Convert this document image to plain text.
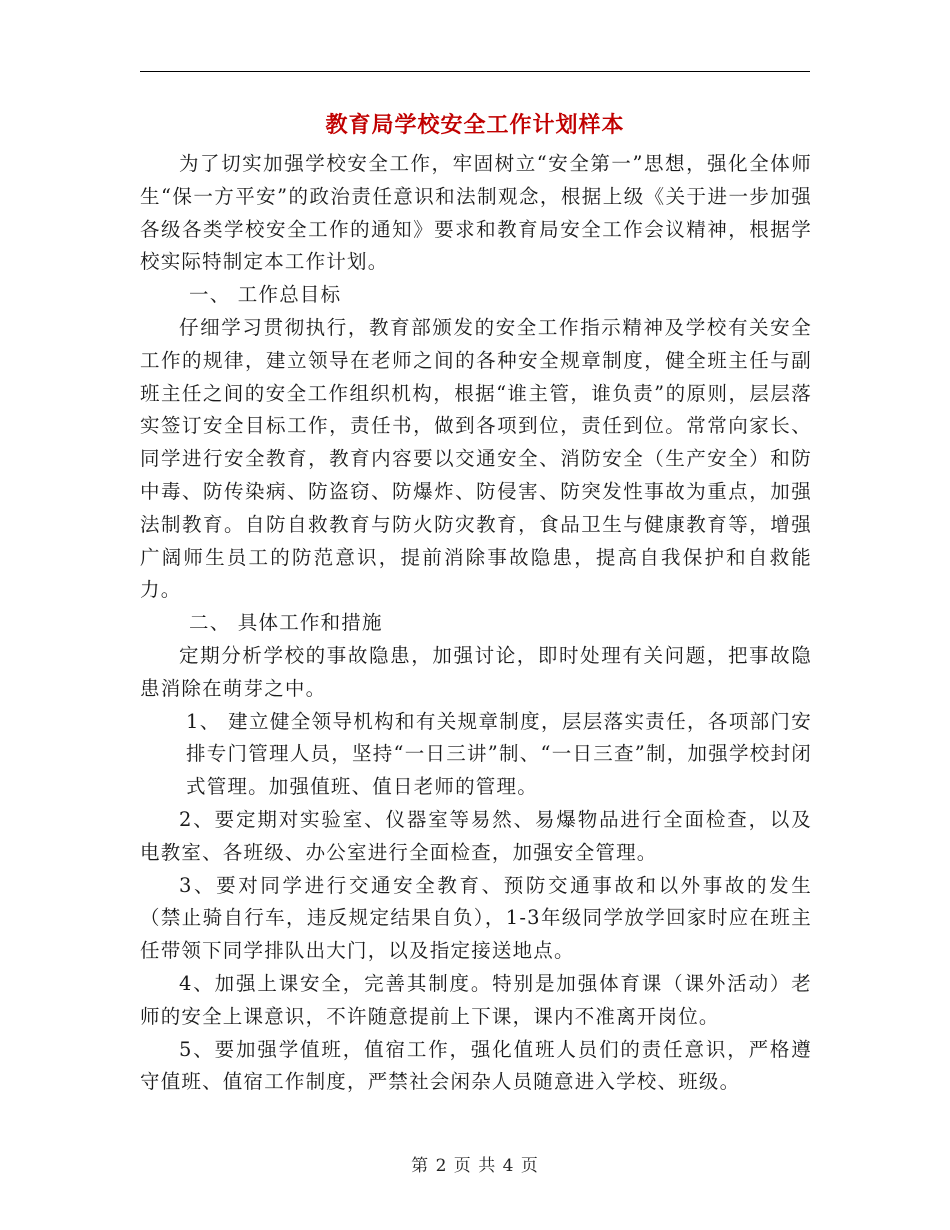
教育局学校安全工作计划样本

为了切实加强学校安全工作，牢固树立“安全第一”思想，强化全体师生“保一方平安”的政治责任意识和法制观念，根据上级《关于进一步加强各级各类学校安全工作的通知》要求和教育局安全工作会议精神，根据学校实际特制定本工作计划。

一、 工作总目标

仔细学习贯彻执行，教育部颁发的安全工作指示精神及学校有关安全工作的规律，建立领导在老师之间的各种安全规章制度，健全班主任与副班主任之间的安全工作组织机构，根据“谁主管，谁负责”的原则，层层落实签订安全目标工作，责任书，做到各项到位，责任到位。常常向家长、同学进行安全教育，教育内容要以交通安全、消防安全（生产安全）和防中毒、防传染病、防盗窃、防爆炸、防侵害、防突发性事故为重点，加强法制教育。自防自救教育与防火防灾教育，食品卫生与健康教育等，增强广阔师生员工的防范意识，提前消除事故隐患，提高自我保护和自救能力。

二、 具体工作和措施

定期分析学校的事故隐患，加强讨论，即时处理有关问题，把事故隐患消除在萌芽之中。

1、 建立健全领导机构和有关规章制度，层层落实责任，各项部门安排专门管理人员，坚持“一日三讲”制、“一日三查”制，加强学校封闭式管理。加强值班、值日老师的管理。

2、要定期对实验室、仪器室等易然、易爆物品进行全面检查，以及电教室、各班级、办公室进行全面检查，加强安全管理。

3、要对同学进行交通安全教育、预防交通事故和以外事故的发生（禁止骑自行车，违反规定结果自负），1-3年级同学放学回家时应在班主任带领下同学排队出大门，以及指定接送地点。

4、加强上课安全，完善其制度。特别是加强体育课（课外活动）老师的安全上课意识，不许随意提前上下课，课内不准离开岗位。

5、要加强学值班，值宿工作，强化值班人员们的责任意识，严格遵守值班、值宿工作制度，严禁社会闲杂人员随意进入学校、班级。

第 2 页 共 4 页
